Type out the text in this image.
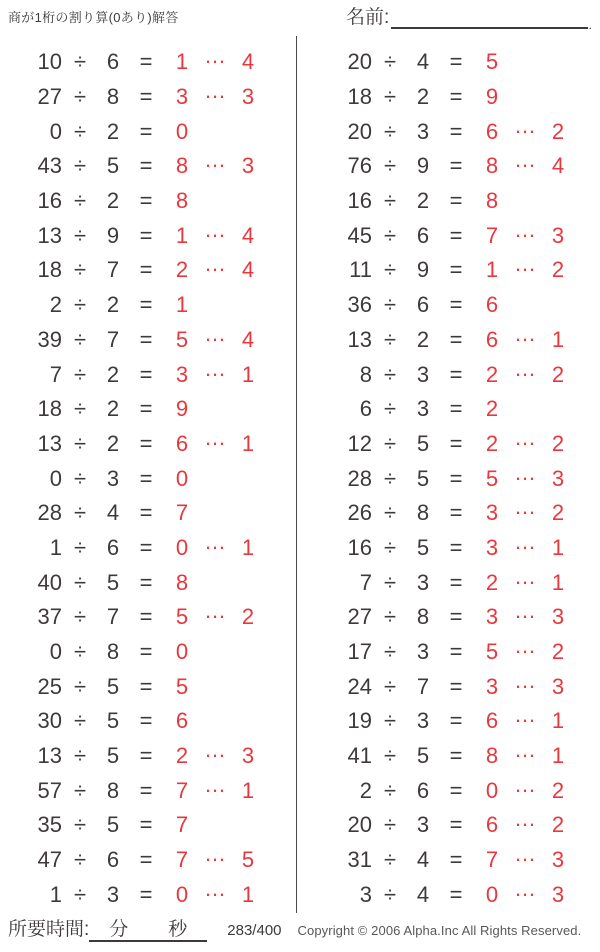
商が1桁の割り算(0あり)解答	名前:	.
10 ÷ 6 =	1 … 4
27 ÷ 8 =	3 … 3
0 ÷ 2 =	0
43 ÷ 5 =	8 … 3
16 ÷ 2 =	8
13 ÷ 9 =	1 … 4
18 ÷ 7 =	2 … 4
2 ÷ 2 =	1
39 ÷ 7 =	5 … 4
7 ÷ 2 =	3 … 1
18 ÷ 2 =	9
13 ÷ 2 =	6 … 1
0 ÷ 3 =	0
28 ÷ 4 =	7
1 ÷ 6 =	0 … 1
40 ÷ 5 =	8
37 ÷ 7 =	5 … 2
0 ÷ 8 =	0
25 ÷ 5 =	5
30 ÷ 5 =	6
13 ÷ 5 =	2 … 3
57 ÷ 8 =	7 … 1
35 ÷ 5 =	7
47 ÷ 6 =	7 … 5
1 ÷ 3 =	0 … 1
20 ÷ 4 =	5
18 ÷ 2 =	9
20 ÷ 3 =	6 … 2
76 ÷ 9 =	8 … 4
16 ÷ 2 =	8
45 ÷ 6 =	7 … 3
11 ÷ 9 =	1 … 2
36 ÷ 6 =	6
13 ÷ 2 =	6 … 1
8 ÷ 3 =	2 … 2
6 ÷ 3 =	2
12 ÷ 5 =	2 … 2
28 ÷ 5 =	5 … 3
26 ÷ 8 =	3 … 2
16 ÷ 5 =	3 … 1
7 ÷ 3 =	2 … 1
27 ÷ 8 =	3 … 3
17 ÷ 3 =	5 … 2
24 ÷ 7 =	3 … 3
19 ÷ 3 =	6 … 1
41 ÷ 5 =	8 … 1
2 ÷ 6 =	0 … 2
20 ÷ 3 =	6 … 2
31 ÷ 4 =	7 … 3
3 ÷ 4 =	0 … 3
所要時間: 分 秒	283/400 Copyright © 2006 Alpha.Inc All Rights Reserved.
